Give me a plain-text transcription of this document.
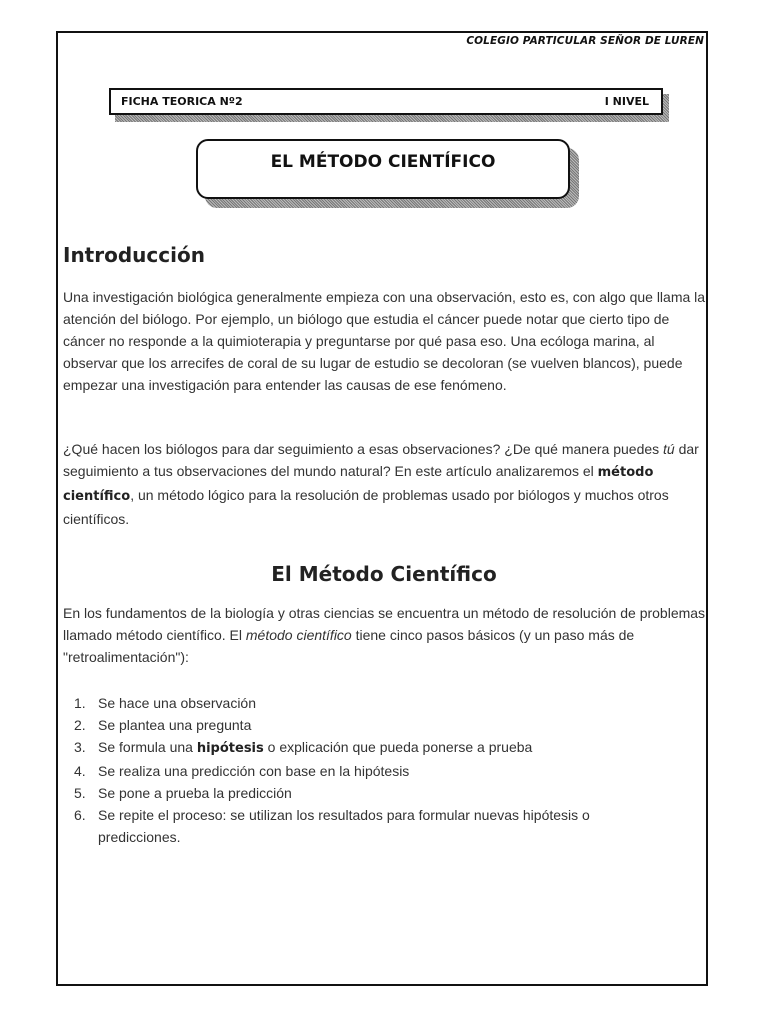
COLEGIO PARTICULAR SEÑOR DE LUREN
FICHA TEORICA Nº2	I NIVEL
EL MÉTODO CIENTÍFICO
Introducción

Una investigación biológica generalmente empieza con una observación, esto es, con algo que llama la atención del biólogo. Por ejemplo, un biólogo que estudia el cáncer puede notar que cierto tipo de cáncer no responde a la quimioterapia y preguntarse por qué pasa eso. Una ecóloga marina, al observar que los arrecifes de coral de su lugar de estudio se decoloran (se vuelven blancos), puede empezar una investigación para entender las causas de ese fenómeno.

¿Qué hacen los biólogos para dar seguimiento a esas observaciones? ¿De qué manera puedes tú dar seguimiento a tus observaciones del mundo natural? En este artículo analizaremos el método científico, un método lógico para la resolución de problemas usado por biólogos y muchos otros científicos.

El Método Científico

En los fundamentos de la biología y otras ciencias se encuentra un método de resolución de problemas llamado método científico. El método científico tiene cinco pasos básicos (y un paso más de "retroalimentación"):

1. Se hace una observación
2. Se plantea una pregunta
3. Se formula una hipótesis o explicación que pueda ponerse a prueba
4. Se realiza una predicción con base en la hipótesis
5. Se pone a prueba la predicción
6. Se repite el proceso: se utilizan los resultados para formular nuevas hipótesis o predicciones.
